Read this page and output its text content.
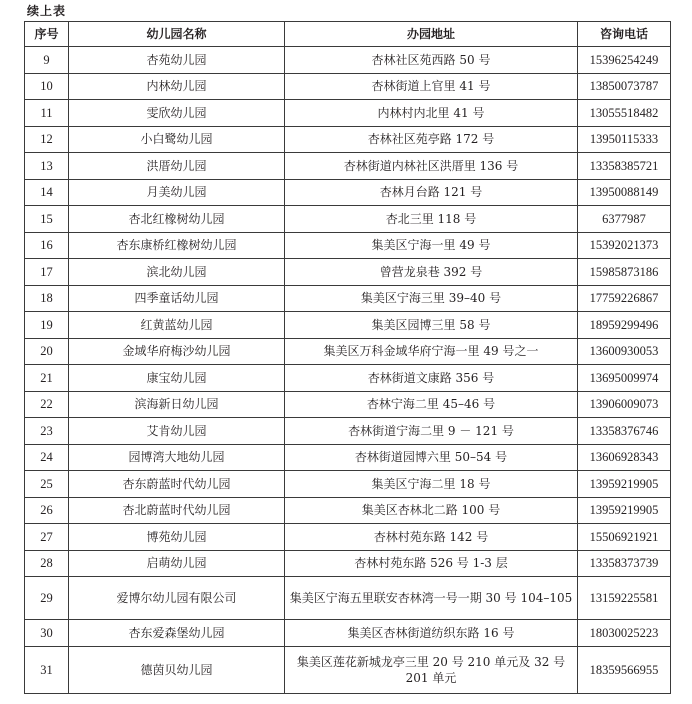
续上表
序号	幼儿园名称	办园地址	咨询电话
9	杏苑幼儿园	杏林社区苑西路 50 号	15396254249
10	内林幼儿园	杏林街道上官里 41 号	13850073787
11	雯欣幼儿园	内林村内北里 41 号	13055518482
12	小白鹭幼儿园	杏林社区苑亭路 172 号	13950115333
13	洪厝幼儿园	杏林街道内林社区洪厝里 136 号	13358385721
14	月美幼儿园	杏林月台路 121 号	13950088149
15	杏北红橡树幼儿园	杏北三里 118 号	6377987
16	杏东康桥红橡树幼儿园	集美区宁海一里 49 号	15392021373
17	滨北幼儿园	曾营龙泉巷 392 号	15985873186
18	四季童话幼儿园	集美区宁海三里 39–40 号	17759226867
19	红黄蓝幼儿园	集美区园博三里 58 号	18959299496
20	金域华府梅沙幼儿园	集美区万科金域华府宁海一里 49 号之一	13600930053
21	康宝幼儿园	杏林街道文康路 356 号	13695009974
22	滨海新日幼儿园	杏林宁海二里 45–46 号	13906009073
23	艾肯幼儿园	杏林街道宁海二里 9 － 121 号	13358376746
24	园博湾大地幼儿园	杏林街道园博六里 50–54 号	13606928343
25	杏东蔚蓝时代幼儿园	集美区宁海二里 18 号	13959219905
26	杏北蔚蓝时代幼儿园	集美区杏林北二路 100 号	13959219905
27	博苑幼儿园	杏林村苑东路 142 号	15506921921
28	启萌幼儿园	杏林村苑东路 526 号 1-3 层	13358373739
29	爱博尔幼儿园有限公司	集美区宁海五里联安杏林湾一号一期 30 号 104–105	13159225581
30	杏东爱森堡幼儿园	集美区杏林街道纺织东路 16 号	18030025223
31	德茵贝幼儿园	集美区莲花新城龙亭三里 20 号 210 单元及 32 号 201 单元	18359566955
